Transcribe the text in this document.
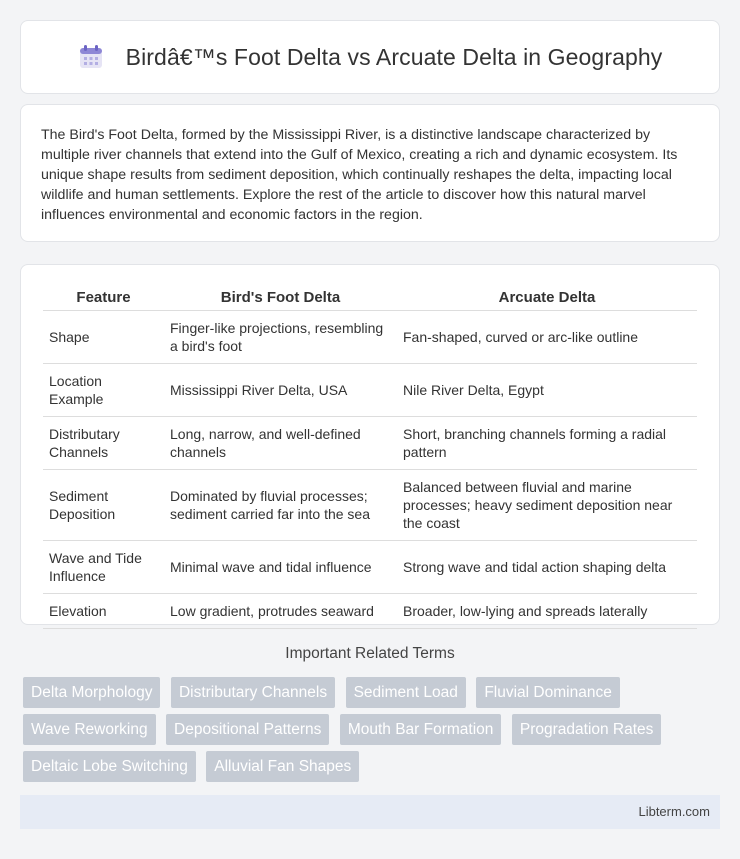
Birdâ€™s Foot Delta vs Arcuate Delta in Geography

The Bird's Foot Delta, formed by the Mississippi River, is a distinctive landscape characterized by multiple river channels that extend into the Gulf of Mexico, creating a rich and dynamic ecosystem. Its unique shape results from sediment deposition, which continually reshapes the delta, impacting local wildlife and human settlements. Explore the rest of the article to discover how this natural marvel influences environmental and economic factors in the region.

Feature	Bird's Foot Delta	Arcuate Delta
Shape	Finger-like projections, resembling a bird's foot	Fan-shaped, curved or arc-like outline
Location Example	Mississippi River Delta, USA	Nile River Delta, Egypt
Distributary Channels	Long, narrow, and well-defined channels	Short, branching channels forming a radial pattern
Sediment Deposition	Dominated by fluvial processes; sediment carried far into the sea	Balanced between fluvial and marine processes; heavy sediment deposition near the coast
Wave and Tide Influence	Minimal wave and tidal influence	Strong wave and tidal action shaping delta
Elevation	Low gradient, protrudes seaward	Broader, low-lying and spreads laterally
Important Related Terms
Delta Morphology Distributary Channels Sediment Load Fluvial Dominance Wave Reworking Depositional Patterns Mouth Bar Formation Progradation Rates Deltaic Lobe Switching Alluvial Fan Shapes
Libterm.com
